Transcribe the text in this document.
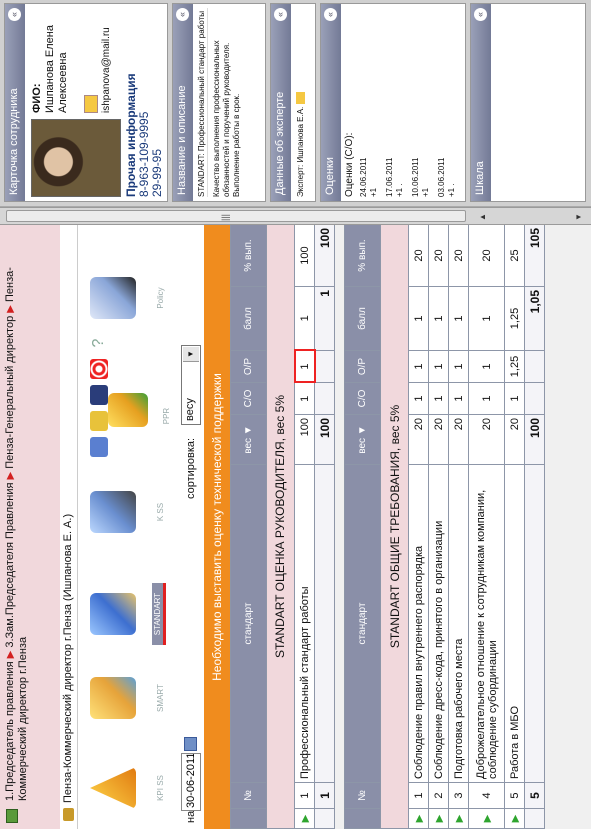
1.Председатель правления ▶ 3.Зам.Председателя Правления ▶ Пенза-Генеральный директор ▶ Пенза-Коммерческий директор г.Пенза	Пенза-Коммерческий директор г.Пенза (Ишпанова Е. А.)	KPI SS
SMART
STANDART
K SS
?
PPR
Policy
на
30-06-2011
сортировка:
весу
▼
Необходимо выставить оценку технической поддержки
	№	стандарт	вес ▼	С/О	О/Р	балл	% вып.
STANDART ОЦЕНКА РУКОВОДИТЕЛЯ, вес 5%							
▶	1	Профессиональный стандарт работы	100	1	1	1	100
	1		100			1	100
	№	стандарт	вес ▼	С/О	О/Р	балл	% вып.
STANDART ОБЩИЕ ТРЕБОВАНИЯ, вес 5%							
▶	1	Соблюдение правил внутреннего распорядка	20	1	1	1	20
▶	2	Соблюдение дресс-кода, принятого в организации	20	1	1	1	20
▶	3	Подготовка рабочего места	20	1	1	1	20
▶	4	Доброжелательное отношение к сотрудникам компании, соблюдение субординации	20	1	1	1	20
▶	5	Работа в МБО	20	1	1,25	1,25	25
	5		100			1,05	105
|||	▲	▼
Карточка сотрудника
«
ФИО: Ишпанова Елена Алексеевна	ishpanova@mail.ru
Прочая информация 8-963-109-9995 29-99-95 Название и описание
« STANDART: Профессиональный стандарт работы Качество выполнения профессиональных обязанностей и поручений руководителя. Выполнение работы в срок.	Данные об эксперте
«
Эксперт: Ишпанова Е.А.	Оценки
«
Оценки (С/О): 24.06.2011 +1 17.06.2011 +1 . 10.06.2011 +1 03.06.2011 +1 . Шкала
«
